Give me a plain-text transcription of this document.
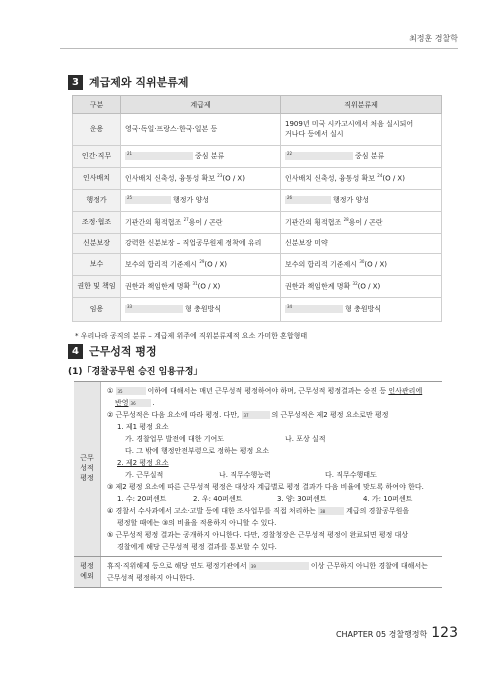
최정훈 경찰학
3 계급제와 직위분류제
구분	계급제	직위분류제
운용	영국·독일·프랑스·한국·일본 등	1909년 미국 시카고시에서 처음 실시되어
거나다 등에서 실시

인간·직무	21 중심 분류	22 중심 분류
인사배치	인사배치 신축성, 융통성 확보 $^{23}$(O / X)	인사배치 신축성, 융통성 확보 $^{24}$(O / X)
행정가	25 행정가 양성	26 행정가 양성
조정·협조	기관간의 횡적협조 $^{27}$용이 / 곤란	기관간의 횡적협조 $^{28}$용이 / 곤란
신분보장	강력한 신분보장 – 직업공무원제 정착에 유리	신분보장 미약
보수	보수의 합리적 기준제시 $^{29}$(O / X)	보수의 합리적 기준제시 $^{30}$(O / X)
권한 및 책임	권한과 책임한계 명확 $^{31}$(O / X)	권한과 책임한계 명확 $^{32}$(O / X)
임용	33 형 충원방식	34 형 충원방식
* 우리나라 공직의 분류 – 계급제 위주에 직위분류제적 요소 가미한 혼합형태
4 근무성적 평정
(1)「경찰공무원 승진 임용규정」
근무
성적
평정
① 35	이하에 대해서는 매년 근무성적 평정하여야 하며, 근무성적 평정결과는 승진 등 인사관리에
반영 36 .
② 근무성적은 다음 요소에 따라 평정. 다만, 37	의 근무성적은 제2 평정 요소로만 평정
1. 제1 평정 요소
가. 경찰업무 발전에 대한 기여도	나. 포상 실적
다. 그 밖에 행정안전부령으로 정하는 평정 요소
2. 제2 평정 요소
가. 근무실적	나. 직무수행능력	다. 직무수행태도
③ 제2 평정 요소에 따른 근무성적 평정은 대상자 계급별로 평정 결과가 다음 비율에 맞도록 하여야 한다.
1. 수: 20퍼센트	2. 우: 40퍼센트	3. 양: 30퍼센트	4. 가: 10퍼센트
④ 경찰서 수사과에서 고소·고발 등에 대한 조사업무를 직접 처리하는 38	계급의 경찰공무원을
평정할 때에는 ③의 비율을 적용하지 아니할 수 있다.
⑤ 근무성적 평정 결과는 공개하지 아니한다. 다만, 경찰청장은 근무성적 평정이 완료되면 평정 대상
경찰에게 해당 근무성적 평정 결과를 통보할 수 있다.
평정
예외
휴직·직위해제 등으로 해당 연도 평정기관에서 39	이상 근무하지 아니한 경찰에 대해서는
근무성적 평정하지 아니한다.
CHAPTER 05 경찰행정학 123
